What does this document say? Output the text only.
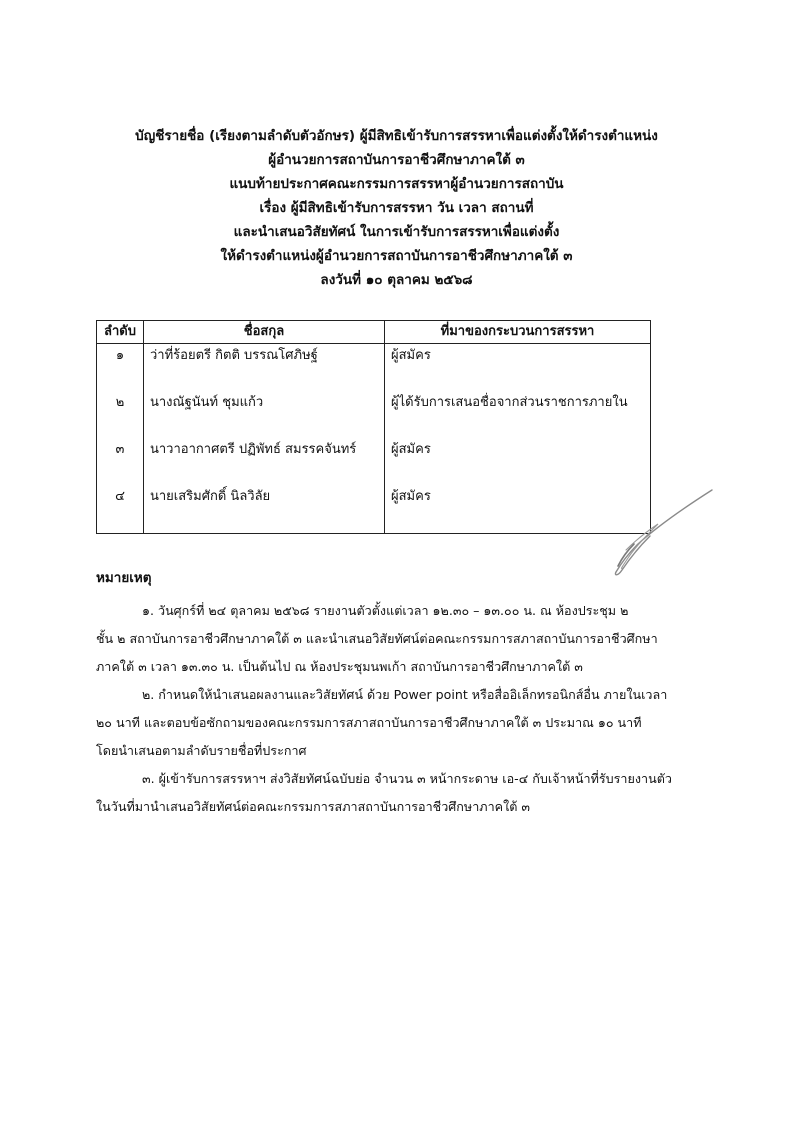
บัญชีรายชื่อ (เรียงตามลำดับตัวอักษร) ผู้มีสิทธิเข้ารับการสรรหาเพื่อแต่งตั้งให้ดำรงตำแหน่ง
ผู้อำนวยการสถาบันการอาชีวศึกษาภาคใต้ ๓
แนบท้ายประกาศคณะกรรมการสรรหาผู้อำนวยการสถาบัน
เรื่อง ผู้มีสิทธิเข้ารับการสรรหา วัน เวลา สถานที่
และนำเสนอวิสัยทัศน์ ในการเข้ารับการสรรหาเพื่อแต่งตั้ง
ให้ดำรงตำแหน่งผู้อำนวยการสถาบันการอาชีวศึกษาภาคใต้ ๓
ลงวันที่ ๑๐ ตุลาคม ๒๕๖๘
ลำดับ	ชื่อสกุล	ที่มาของกระบวนการสรรหา
๑	ว่าที่ร้อยตรี กิตติ บรรณโศภิษฐ์	ผู้สมัคร
๒	นางณัฐนันท์ ชุมแก้ว	ผู้ได้รับการเสนอชื่อจากส่วนราชการภายใน
๓	นาวาอากาศตรี ปฏิพัทธ์ สมรรคจันทร์	ผู้สมัคร
๔	นายเสริมศักดิ์ นิลวิลัย	ผู้สมัคร
หมายเหตุ
๑. วันศุกร์ที่ ๒๔ ตุลาคม ๒๕๖๘ รายงานตัวตั้งแต่เวลา ๑๒.๓๐ – ๑๓.๐๐ น. ณ ห้องประชุม ๒
ชั้น ๒ สถาบันการอาชีวศึกษาภาคใต้ ๓ และนำเสนอวิสัยทัศน์ต่อคณะกรรมการสภาสถาบันการอาชีวศึกษา
ภาคใต้ ๓ เวลา ๑๓.๓๐ น. เป็นต้นไป ณ ห้องประชุมนพเก้า สถาบันการอาชีวศึกษาภาคใต้ ๓
๒. กำหนดให้นำเสนอผลงานและวิสัยทัศน์ ด้วย Power point หรือสื่ออิเล็กทรอนิกส์อื่น ภายในเวลา
๒๐ นาที และตอบข้อซักถามของคณะกรรมการสภาสถาบันการอาชีวศึกษาภาคใต้ ๓ ประมาณ ๑๐ นาที
โดยนำเสนอตามลำดับรายชื่อที่ประกาศ
๓. ผู้เข้ารับการสรรหาฯ ส่งวิสัยทัศน์ฉบับย่อ จำนวน ๓ หน้ากระดาษ เอ-๔ กับเจ้าหน้าที่รับรายงานตัว
ในวันที่มานำเสนอวิสัยทัศน์ต่อคณะกรรมการสภาสถาบันการอาชีวศึกษาภาคใต้ ๓
